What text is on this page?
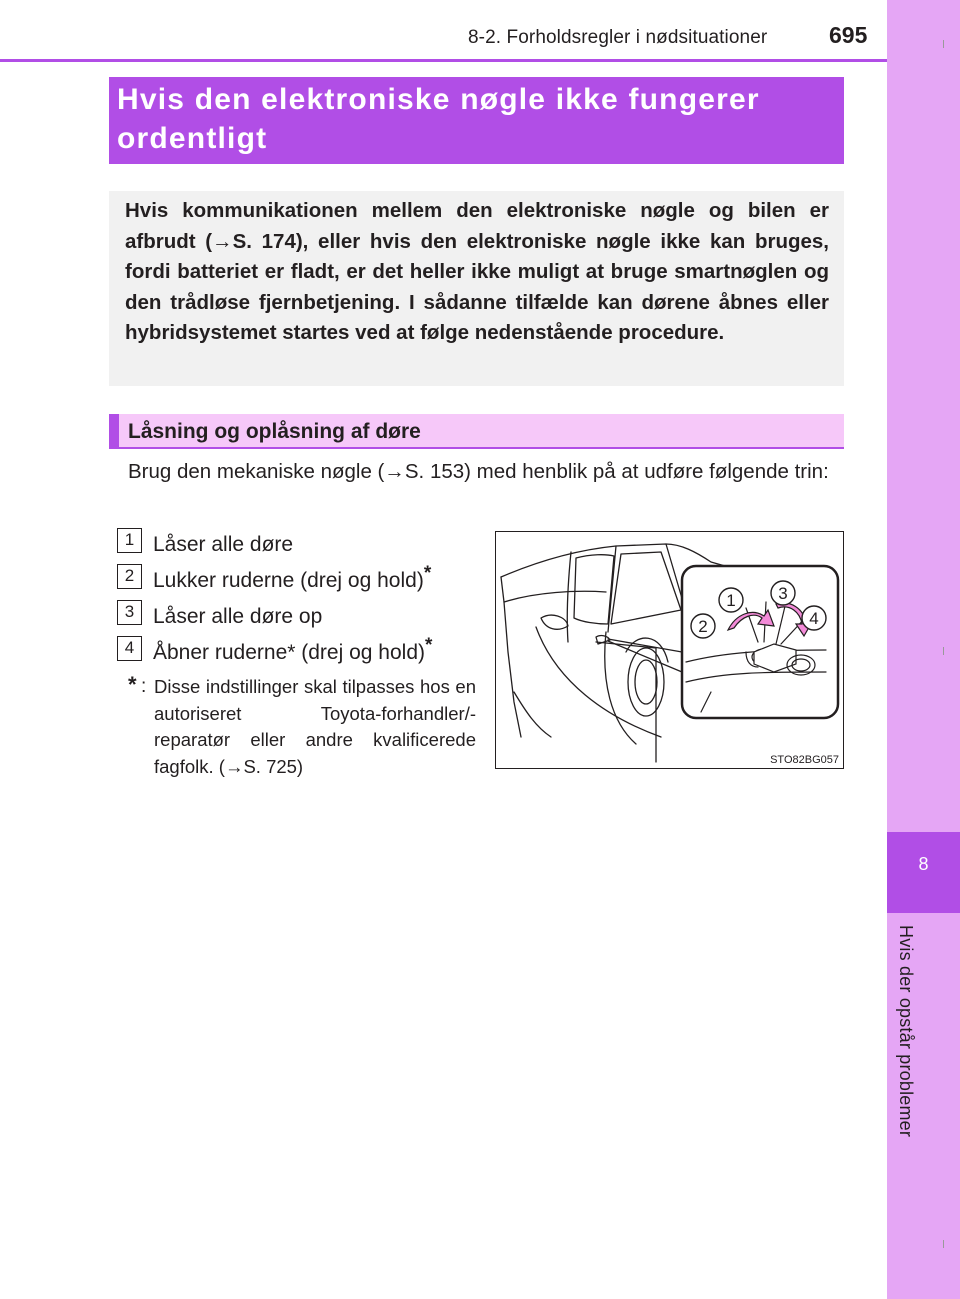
8-2. Forholdsregler i nødsituationer	695
8
Hvis der opstår problemer
Hvis den elektroniske nøgle ikke fungerer ordentligt
Hvis kommunikationen mellem den elektroniske nøgle og bilen er afbrudt (→S. 174), eller hvis den elektroniske nøgle ikke kan bruges, fordi batteriet er fladt, er det heller ikke muligt at bruge smartnøglen og den trådløse fjernbetjening. I sådanne tilfælde kan dørene åbnes eller hybridsystemet startes ved at følge nedenstående procedure.
Låsning og oplåsning af døre
Brug den mekaniske nøgle (→S. 153) med henblik på at udføre følgende trin:
1 Låser alle døre
2 Lukker ruderne (drej og hold)*
3 Låser alle døre op
4 Åbner ruderne* (drej og hold)*
* : Disse indstillinger skal tilpasses hos en autoriseret Toyota-forhandler/-reparatør eller andre kvalificerede fagfolk. (→S. 725)
1
2
3
4
STO82BG057
